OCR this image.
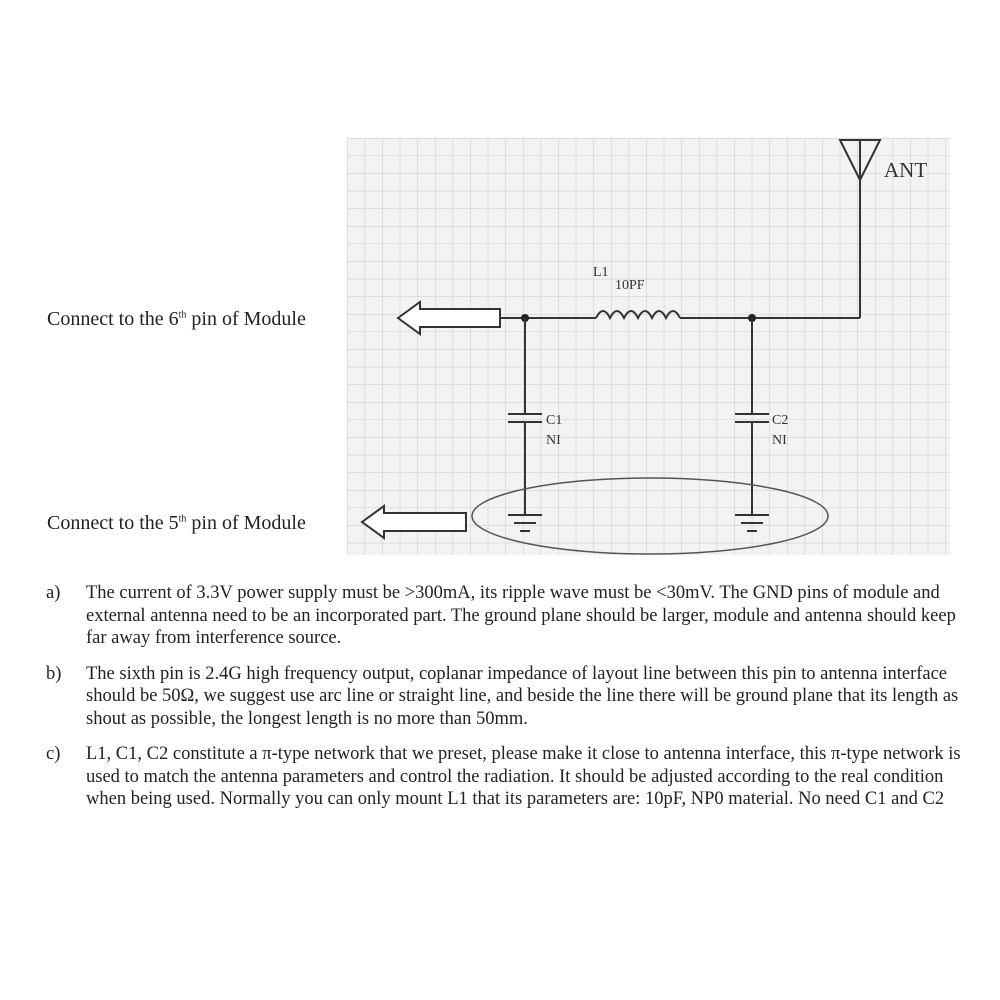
ANT
L1
10PF
C1
NI
C2
NI
Connect to the 6th pin of Module
Connect to the 5th pin of Module
a)	The current of 3.3V power supply must be >300mA, its ripple wave must be <30mV. The GND pins of module and external antenna need to be an incorporated part. The ground plane should be larger, module and antenna should keep far away from interference source.
b)	The sixth pin is 2.4G high frequency output, coplanar impedance of layout line between this pin to antenna interface should be 50Ω, we suggest use arc line or straight line, and beside the line there will be ground plane that its length as shout as possible, the longest length is no more than 50mm.
c)	L1, C1, C2 constitute a π-type network that we preset, please make it close to antenna interface, this π-type network is used to match the antenna parameters and control the radiation. It should be adjusted according to the real condition when being used. Normally you can only mount L1 that its parameters are: 10pF, NP0 material. No need C1 and C2
